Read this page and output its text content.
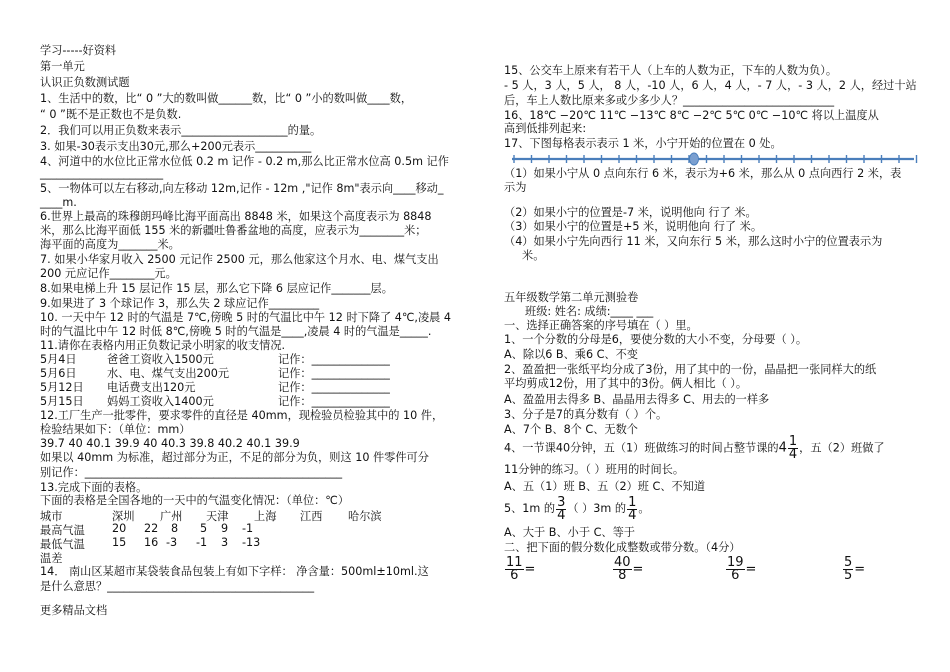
学习-----好资料
第一单元
认识正负数测试题
1、生活中的数，比“ 0 ”大的数叫做______数，比“ 0 ”小的数叫做____数，
“ 0 ”既不是正数也不是负数.
2．我们可以用正负数来表示___________________的量。
3. 如果-30表示支出30元,那么+200元表示__________
4、河道中的水位比正常水位低 0.2 m 记作 - 0.2 m,那么比正常水位高 0.5m 记作
______________________
5、一物体可以左右移动,向左移动 12m,记作 - 12m ,"记作 8m"表示向____移动_
____m.
6.世界上最高的珠穆朗玛峰比海平面高出 8848 米，如果这个高度表示为 8848
米，那么比海平面低 155 米的新疆吐鲁番盆地的高度，应表示为________米；
海平面的高度为_______米。
7. 如果小华家月收入 2500 元记作 2500 元，那么他家这个月水、电、煤气支出
200 元应记作________元。
8.如果电梯上升 15 层记作 15 层，那么它下降 6 层应记作_______层。
9.如果进了 3 个球记作 3，那么失 2 球应记作_________
10. 一天中午 12 时的气温是 7℃,傍晚 5 时的气温比中午 12 时下降了 4℃,凌晨 4
时的气温比中午 12 时低 8℃,傍晚 5 时的气温是____,凌晨 4 时的气温是_____.
11.请你在表格内用正负数记录小明家的收支情况.
5月4日	爸爸工资收入1500元	记作：______________
5月6日	水、电、煤气支出200元	记作：______________
5月12日 电话费支出120元	记作：______________
5月15日 妈妈工资收入1400元	记作：______________
12.工厂生产一批零件，要求零件的直径是 40mm，现检验员检验其中的 10 件，
检验结果如下：（单位：mm）
39.7 40 40.1 39.9 40 40.3 39.8 40.2 40.1 39.9
如果以 40mm 为标准，超过部分为正，不足的部分为负，则这 10 件零件可分
别记作：______________________________________________
13.完成下面的表格。
下面的表格是全国各地的一天中的气温变化情况：（单位：℃）
城市	深圳 广州 天津 上海 江西 哈尔滨
最高气温 20 22 8 5 9 -1
最低气温 15 16 -3 -1 3 -13
温差
14． 南山区某超市某袋装食品包装上有如下字样： 净含量：500ml±10ml.这
是什么意思？_____________________________________
更多精品文档
15、公交车上原来有若干人（上车的人数为正，下车的人数为负）。
- 5 人，3 人，5 人， 8 人，-10 人，6 人，4 人，- 7 人，- 3 人，2 人，经过十站
后，车上人数比原来多或少多少人？___________________________
16、18℃ −20℃ 11℃ −13℃ 8℃ −2℃ 5℃ 0℃ −10℃ 将以上温度从
高到低排列起来:
17、下图每格表示表示 1 米，小宁开始的位置在 0 处。
（1）如果小宁从 0 点向东行 6 米，表示为+6 米，那么从 0 点向西行 2 米，表
示为
（2）如果小宁的位置是-7 米，说明他向 行了 米。
（3）如果小宁的位置是+5 米，说明他向 行了 米。
（4）如果小宁先向西行 11 米，又向东行 5 米，那么这时小宁的位置表示为
米。
五年级数学第二单元测验卷
班级: 姓名: 成绩:____ ___
一、选择正确答案的序号填在（ ）里。
1、一个分数的分母是6，要使分数的大小不变，分母要（ ）。
A、除以6 B、乘6 C、不变
2、盈盈把一张纸平均分成了3份，用了其中的一份，晶晶把一张同样大的纸
平均剪成12份，用了其中的3份。俩人相比（ ）。
A、盈盈用去得多 B、晶晶用去得多 C、用去的一样多
3、分子是7的真分数有（ ）个。
A、7个 B、8个 C、无数个
4、一节课40分钟，五（1）班做练习的时间占整节课的$4 \frac{1}{4}$ ，五（2）班做了
11分钟的练习。（ ）班用的时间长。
A、五（1）班 B、五（2）班 C、不知道
5、1m 的 $\frac{3}{4}$ （ ）3m 的 $\frac{1}{4}$ 。
A、大于 B、小于 C、等于
二、把下面的假分数化成整数或带分数。（4分）
$\frac{11}{6}$ =	$\frac{40}{8}$ =	$\frac{19}{6}$ =	$\frac{5}{5}$ =
